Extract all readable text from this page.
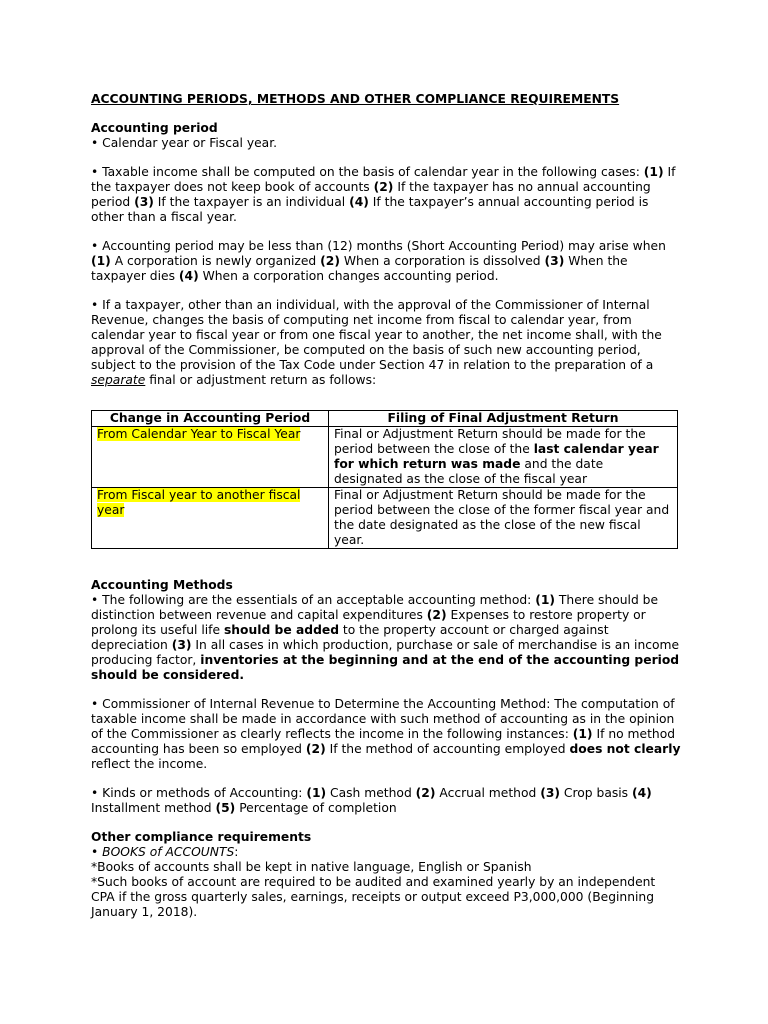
ACCOUNTING PERIODS, METHODS AND OTHER COMPLIANCE REQUIREMENTS
Accounting period

• Calendar year or Fiscal year.

• Taxable income shall be computed on the basis of calendar year in the following cases: (1) If the taxpayer does not keep book of accounts (2) If the taxpayer has no annual accounting period (3) If the taxpayer is an individual (4) If the taxpayer’s annual accounting period is other than a fiscal year.

• Accounting period may be less than (12) months (Short Accounting Period) may arise when (1) A corporation is newly organized (2) When a corporation is dissolved (3) When the taxpayer dies (4) When a corporation changes accounting period.

• If a taxpayer, other than an individual, with the approval of the Commissioner of Internal Revenue, changes the basis of computing net income from fiscal to calendar year, from calendar year to fiscal year or from one fiscal year to another, the net income shall, with the approval of the Commissioner, be computed on the basis of such new accounting period, subject to the provision of the Tax Code under Section 47 in relation to the preparation of a separate final or adjustment return as follows:

Change in Accounting Period	Filing of Final Adjustment Return
From Calendar Year to Fiscal Year	Final or Adjustment Return should be made for the period between the close of the last calendar year for which return was made and the date designated as the close of the fiscal year
From Fiscal year to another fiscal year	Final or Adjustment Return should be made for the period between the close of the former fiscal year and the date designated as the close of the new fiscal year.
Accounting Methods

• The following are the essentials of an acceptable accounting method: (1) There should be distinction between revenue and capital expenditures (2) Expenses to restore property or prolong its useful life should be added to the property account or charged against depreciation (3) In all cases in which production, purchase or sale of merchandise is an income producing factor, inventories at the beginning and at the end of the accounting period should be considered.

• Commissioner of Internal Revenue to Determine the Accounting Method: The computation of taxable income shall be made in accordance with such method of accounting as in the opinion of the Commissioner as clearly reflects the income in the following instances: (1) If no method accounting has been so employed (2) If the method of accounting employed does not clearly reflect the income.

• Kinds or methods of Accounting: (1) Cash method (2) Accrual method (3) Crop basis (4) Installment method (5) Percentage of completion

Other compliance requirements

• BOOKS of ACCOUNTS:

*Books of accounts shall be kept in native language, English or Spanish

*Such books of account are required to be audited and examined yearly by an independent CPA if the gross quarterly sales, earnings, receipts or output exceed P3,000,000 (Beginning January 1, 2018).
